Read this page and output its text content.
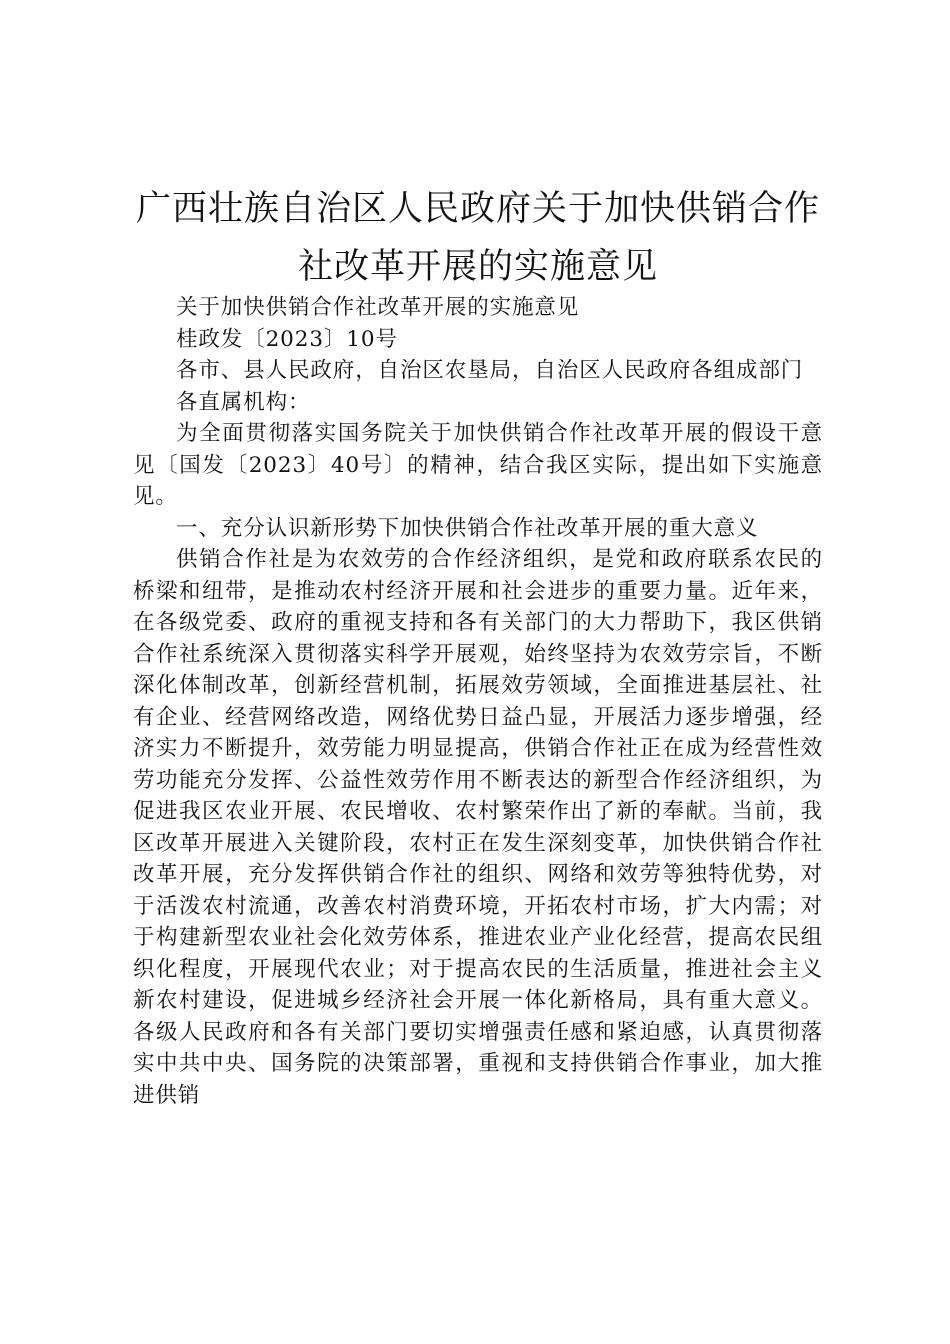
广西壮族自治区人民政府关于加快供销合作
社改革开展的实施意见

关于加快供销合作社改革开展的实施意见

桂政发〔2023〕10号

各市、县人民政府，自治区农垦局，自治区人民政府各组成部门

各直属机构：

为全面贯彻落实国务院关于加快供销合作社改革开展的假设干意见〔国发〔2023〕40号〕的精神，结合我区实际，提出如下实施意见。

一、充分认识新形势下加快供销合作社改革开展的重大意义

供销合作社是为农效劳的合作经济组织，是党和政府联系农民的桥梁和纽带，是推动农村经济开展和社会进步的重要力量。近年来，在各级党委、政府的重视支持和各有关部门的大力帮助下，我区供销合作社系统深入贯彻落实科学开展观，始终坚持为农效劳宗旨，不断深化体制改革，创新经营机制，拓展效劳领域，全面推进基层社、社有企业、经营网络改造，网络优势日益凸显，开展活力逐步增强，经济实力不断提升，效劳能力明显提高，供销合作社正在成为经营性效劳功能充分发挥、公益性效劳作用不断表达的新型合作经济组织，为促进我区农业开展、农民增收、农村繁荣作出了新的奉献。当前，我区改革开展进入关键阶段，农村正在发生深刻变革，加快供销合作社改革开展，充分发挥供销合作社的组织、网络和效劳等独特优势，对于活泼农村流通，改善农村消费环境，开拓农村市场，扩大内需；对于构建新型农业社会化效劳体系，推进农业产业化经营，提高农民组织化程度，开展现代农业；对于提高农民的生活质量，推进社会主义新农村建设，促进城乡经济社会开展一体化新格局，具有重大意义。各级人民政府和各有关部门要切实增强责任感和紧迫感，认真贯彻落实中共中央、国务院的决策部署，重视和支持供销合作事业，加大推进供销
